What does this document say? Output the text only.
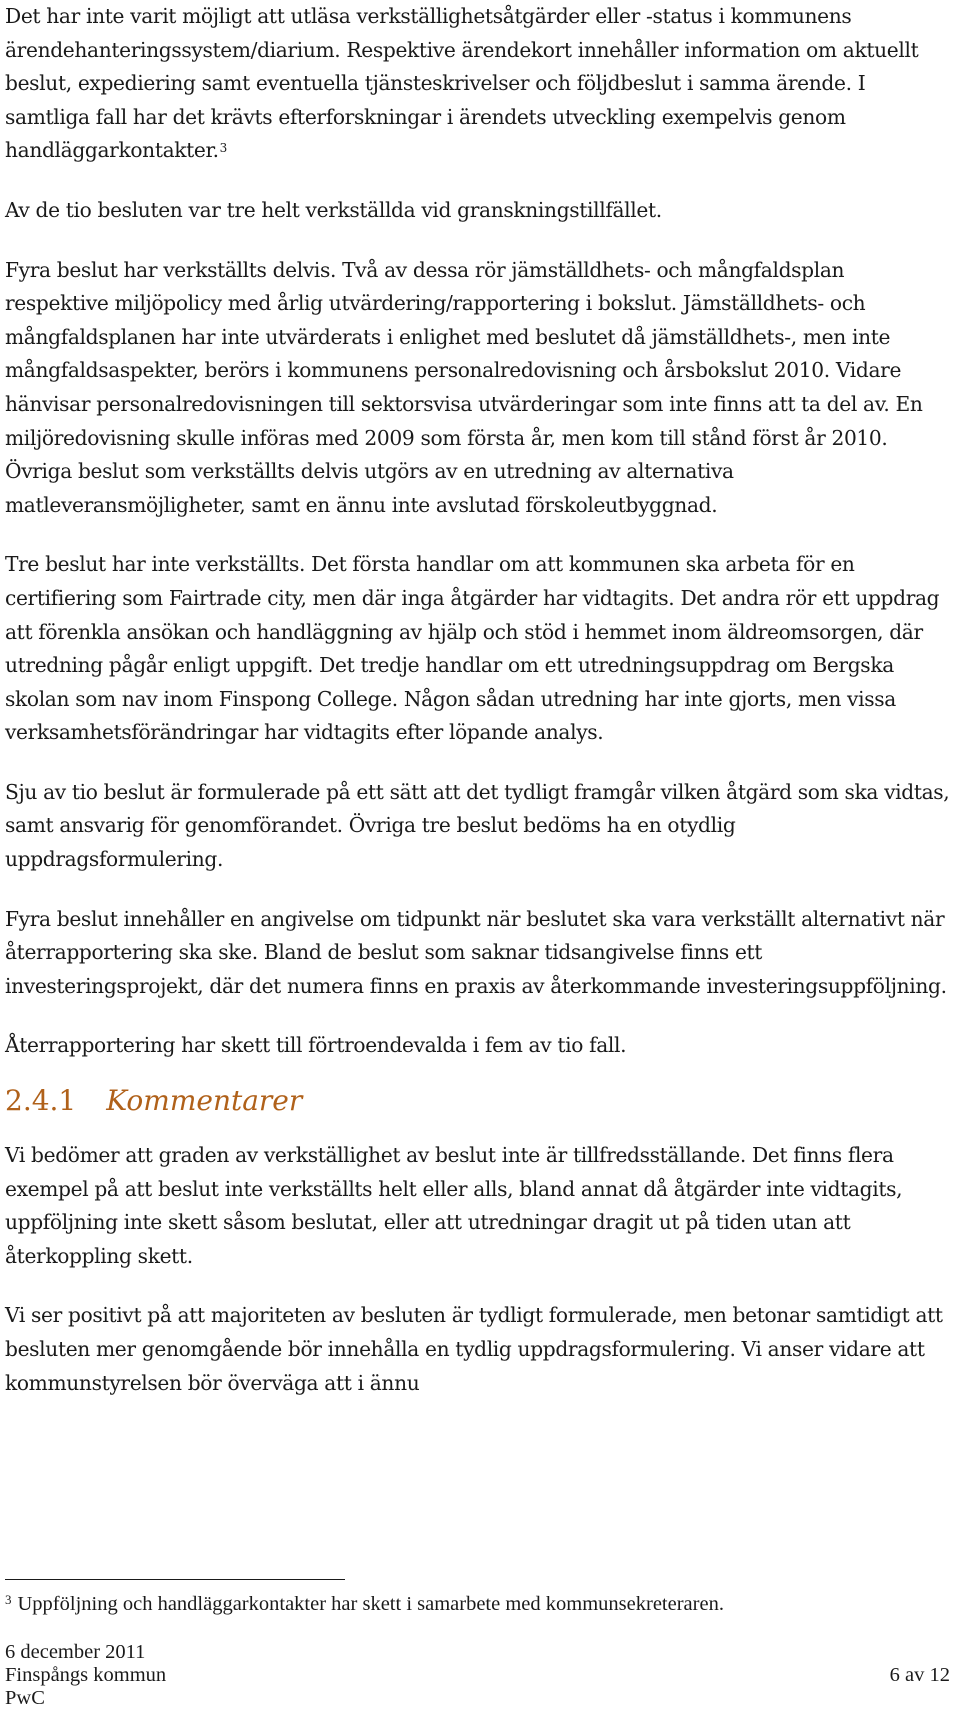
Det har inte varit möjligt att utläsa verkställighetsåtgärder eller -status i kommunens ärendehanteringssystem/diarium. Respektive ärendekort innehåller information om aktuellt beslut, expediering samt eventuella tjänsteskrivelser och följdbeslut i samma ärende. I samtliga fall har det krävts efterforskningar i ärendets utveckling exempelvis genom handläggarkontakter.$^3$

Av de tio besluten var tre helt verkställda vid granskningstillfället.

Fyra beslut har verkställts delvis. Två av dessa rör jämställdhets- och mångfaldsplan respektive miljöpolicy med årlig utvärdering/rapportering i bokslut. Jämställdhets- och mångfaldsplanen har inte utvärderats i enlighet med beslutet då jämställdhets-, men inte mångfaldsaspekter, berörs i kommunens personalredovisning och årsbokslut 2010. Vidare hänvisar personalredovisningen till sektorsvisa utvärderingar som inte finns att ta del av. En miljöredovisning skulle införas med 2009 som första år, men kom till stånd först år 2010. Övriga beslut som verkställts delvis utgörs av en utredning av alternativa matleveransmöjligheter, samt en ännu inte avslutad förskoleutbyggnad.

Tre beslut har inte verkställts. Det första handlar om att kommunen ska arbeta för en certifiering som Fairtrade city, men där inga åtgärder har vidtagits. Det andra rör ett uppdrag att förenkla ansökan och handläggning av hjälp och stöd i hemmet inom äldreomsorgen, där utredning pågår enligt uppgift. Det tredje handlar om ett utredningsuppdrag om Bergska skolan som nav inom Finspong College. Någon sådan utredning har inte gjorts, men vissa verksamhetsförändringar har vidtagits efter löpande analys.

Sju av tio beslut är formulerade på ett sätt att det tydligt framgår vilken åtgärd som ska vidtas, samt ansvarig för genomförandet. Övriga tre beslut bedöms ha en otydlig uppdragsformulering.

Fyra beslut innehåller en angivelse om tidpunkt när beslutet ska vara verkställt alternativt när återrapportering ska ske. Bland de beslut som saknar tidsangivelse finns ett investeringsprojekt, där det numera finns en praxis av återkommande investeringsuppföljning.

Återrapportering har skett till förtroendevalda i fem av tio fall.

2.4.1 Kommentarer

Vi bedömer att graden av verkställighet av beslut inte är tillfredsställande. Det finns flera exempel på att beslut inte verkställts helt eller alls, bland annat då åtgärder inte vidtagits, uppföljning inte skett såsom beslutat, eller att utredningar dragit ut på tiden utan att återkoppling skett.

Vi ser positivt på att majoriteten av besluten är tydligt formulerade, men betonar samtidigt att besluten mer genomgående bör innehålla en tydlig uppdragsformulering. Vi anser vidare att kommunstyrelsen bör överväga att i ännu

$^3$ Uppföljning och handläggarkontakter har skett i samarbete med kommunsekreteraren.
6 december 2011
Finspångs kommun
PwC
6 av 12
